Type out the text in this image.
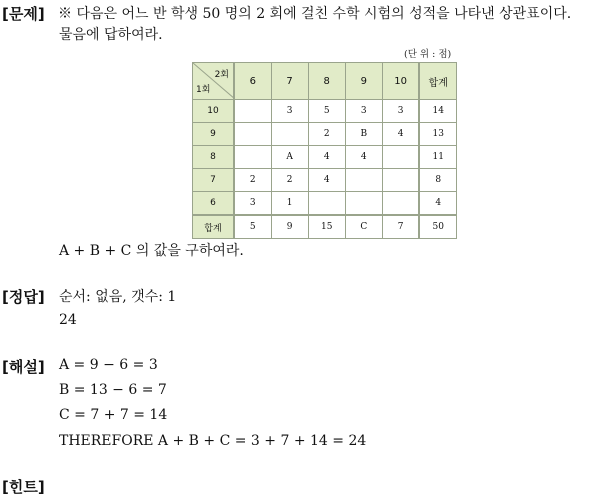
[문제] ※ 다음은 어느 반 학생 50 명의 2 회에 걸친 수학 시험의 성적을 나타낸 상관표이다.
물음에 답하여라.
(단 위 : 점)
2회
1회	6	7	8	9	10	합계
10		3	5	3	3	14
9			2	B	4	13
8		A	4	4		11
7	2	2	4			8
6	3	1				4
합계	5	9	15	C	7	50
A + B + C 의 값을 구하여라.
[정답] 순서: 없음, 갯수: 1
24
[해설] A = 9 − 6 = 3
B = 13 − 6 = 7
C = 7 + 7 = 14
THEREFORE A + B + C = 3 + 7 + 14 = 24
[힌트]
